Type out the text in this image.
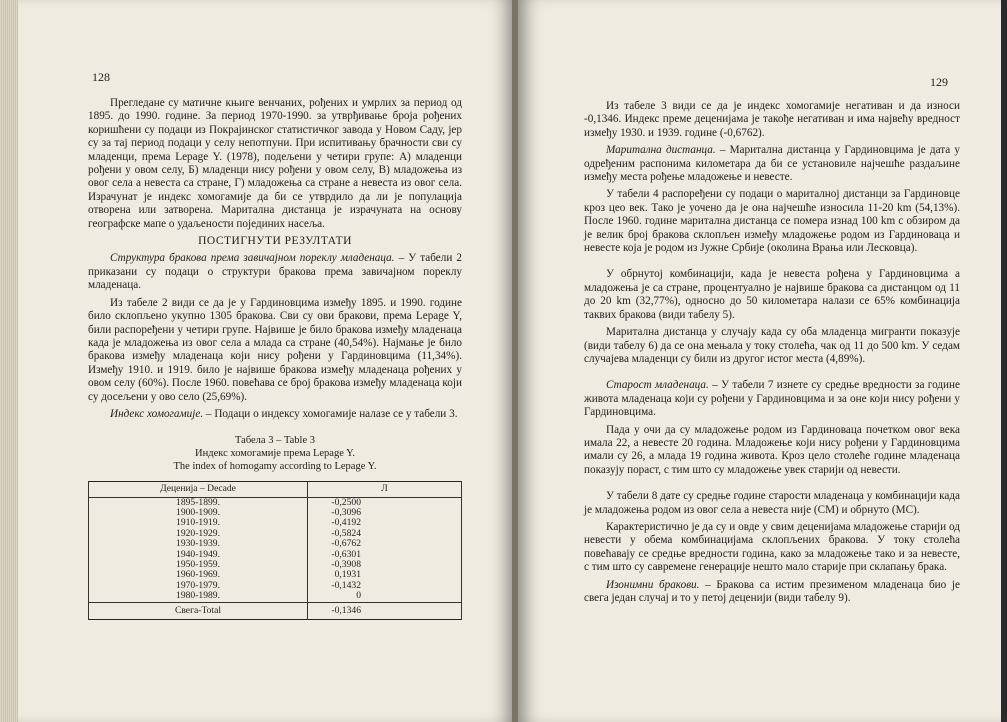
128

Прегледане су матичне књиге венчаних, рођених и умрлих за период од 1895. до 1990. године. За период 1970-1990. за утврђивање броја рођених коришћени су подаци из Покрајинског статистичког завода у Новом Саду, јер су за тај период подаци у селу непотпуни. При испитивању брачности сви су младенци, према Lepage Y. (1978), подељени у четири групе: А) младенци рођени у овом селу, Б) младенци нису рођени у овом селу, В) младожења из овог села а невеста са стране, Г) младожења са стране а невеста из овог села. Израчунат је индекс хомогамије да би се утврдило да ли је популација отворена или затворена. Маритална дистанца је израчуната на основу географске мапе о удаљености појединих насеља.

ПОСТИГНУТИ РЕЗУЛТАТИ

Структура бракова према завичајном пореклу младенаца. – У табели 2 приказани су подаци о структури бракова према завичајном пореклу младенаца.

Из табеле 2 види се да је у Гардиновцима између 1895. и 1990. године било склопљено укупно 1305 бракова. Сви су ови бракови, према Lepage Y, били распоређени у четири групе. Највише је било бракова између младенаца када је младожења из овог села а млада са стране (40,54%). Најмање је било бракова између младенаца који нису рођени у Гардиновцима (11,34%). Између 1910. и 1919. било је највише бракова између младенаца рођених у овом селу (60%). После 1960. повећава се број бракова између младенаца који су досељени у ово село (25,69%).

Индекс хомогамије. – Подаци о индексу хомогамије налазе се у табели 3.

Табела 3 – Table 3
Индекс хомогамије према Lepage Y.
The index of homogamy according to Lepage Y.
Деценија – Decade	Л
1895-1899.	-0,2500
1900-1909.	-0,3096
1910-1919.	-0,4192
1920-1929.	-0,5824
1930-1939.	-0,6762
1940-1949.	-0,6301
1950-1959.	-0,3908
1960-1969.	0,1931
1970-1979.	-0,1432
1980-1989.	0
Свега-Total	-0,1346
129

Из табеле 3 види се да је индекс хомогамије негативан и да износи -0,1346. Индекс преме деценијама је такође негативан и има највећу вредност између 1930. и 1939. године (-0,6762).

Маритална дистанца. – Маритална дистанца у Гардиновцима је дата у одређеним распонима километара да би се установиле најчешће раздаљине између места рођење младожење и невесте.

У табели 4 распоређени су подаци о маритaлној дистанци за Гардиновце кроз цео век. Тако је уочено да је она најчешће износила 11-20 km (54,13%). После 1960. године маритална дистанца се помера изнад 100 km с обзиром да је велик број бракова склопљен између младожење родом из Гардиноваца и невесте која је родом из Јужне Србије (околина Врања или Лесковца).

У обрнутој комбинацији, када је невеста рођена у Гардиновцима а младожења је са стране, процентуално је највише бракова са дистанцом од 11 до 20 km (32,77%), односно до 50 километара налази се 65% комбинација таквих бракова (види табелу 5).

Маритална дистанца у случају када су оба младенца мигранти показује (види табелу 6) да се она мењала у току столећа, чак од 11 до 500 km. У седам случајева младенци су били из другог истог места (4,89%).

Старост младенаца. – У табели 7 изнете су средње вредности за године живота младенаца који су рођени у Гардиновцима и за оне који нису рођени у Гардиновцима.

Пада у очи да су младожење родом из Гардиноваца почетком овог века имала 22, а невесте 20 година. Младожење који нису рођени у Гардиновцима имали су 26, а млада 19 година живота. Кроз цело столеће године младенаца показују пораст, с тим што су младожење увек старији од невести.

У табели 8 дате су средње године старости младенаца у комбинацији када је младожења родом из овог села а невеста није (СМ) и обрнуто (МС).

Карактеристично је да су и овде у свим деценијама младожење старији од невести у обема комбинацијама склопљених бракова. У току столећа повећавају се средње вредности година, како за младожење тако и за невесте, с тим што су савремене генерације нешто мало старије при склапању брака.

Изонимни бракови. – Бракова са истим презименом младенаца био је свега један случај и то у петој деценији (види табелу 9).
